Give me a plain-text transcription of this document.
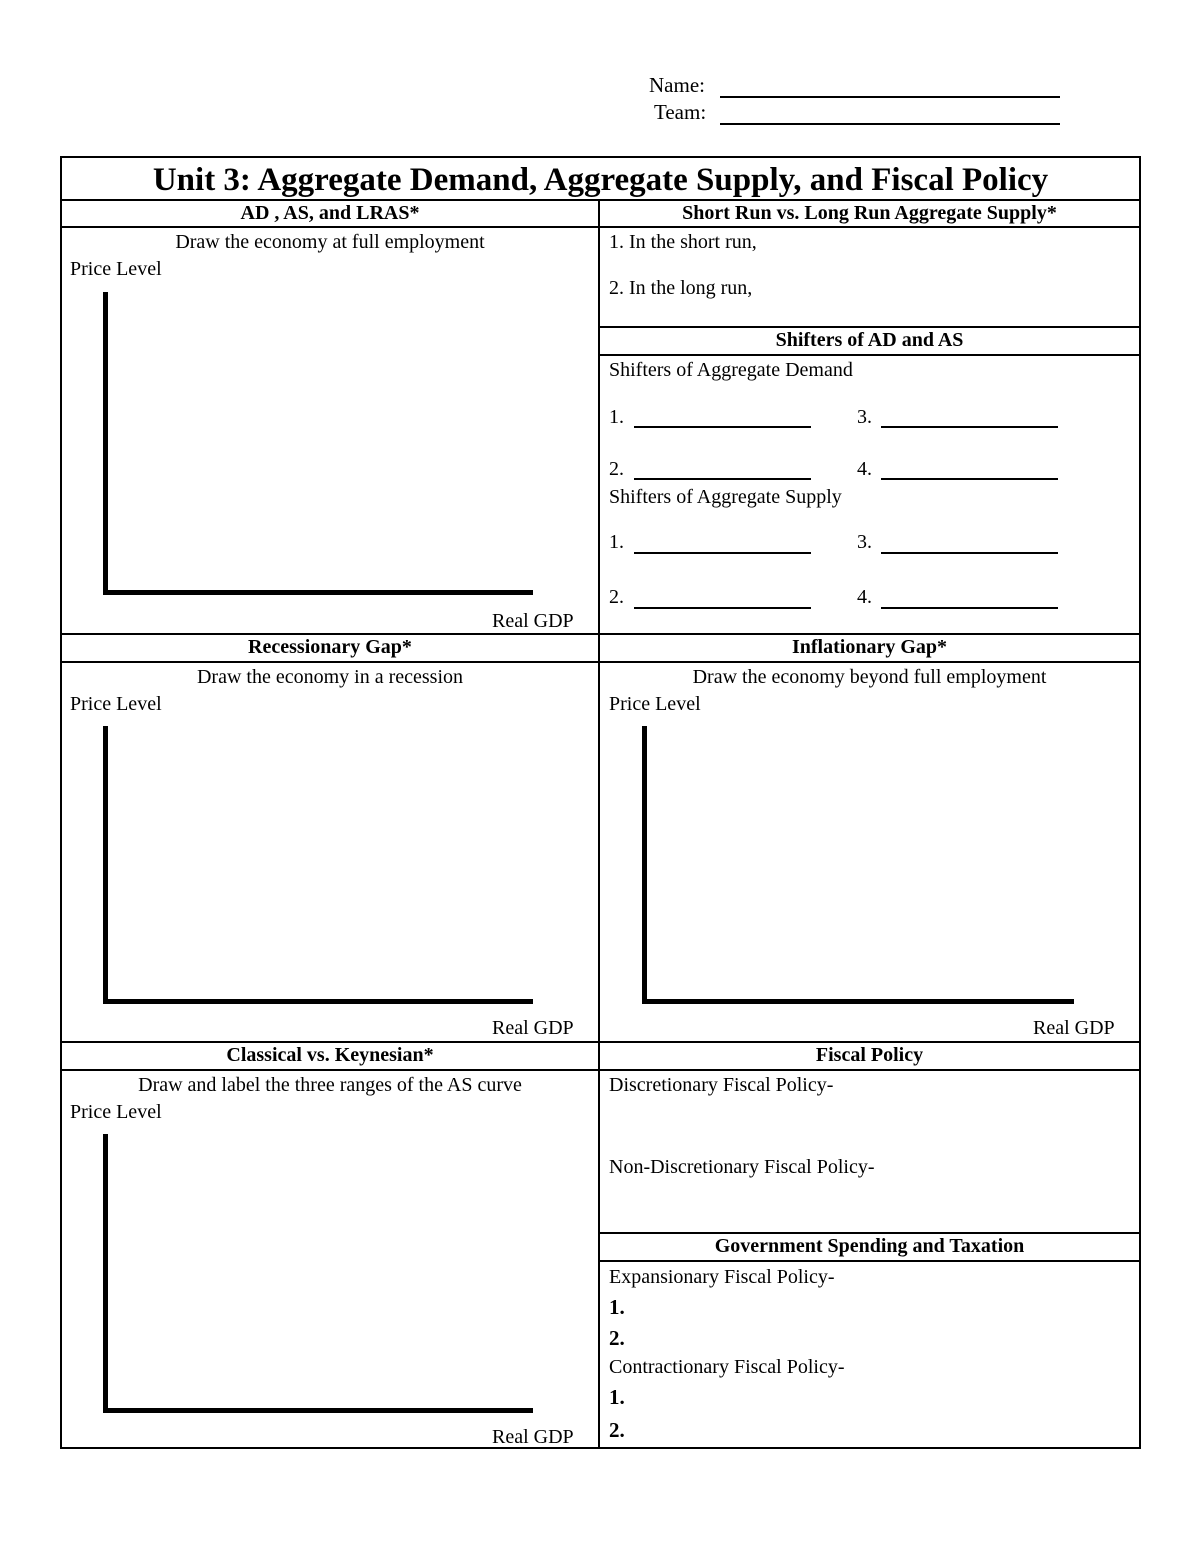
Name:
Team:
Unit 3: Aggregate Demand, Aggregate Supply, and Fiscal Policy
AD , AS, and LRAS*	Short Run vs. Long Run Aggregate Supply*
Shifters of AD and AS
Recessionary Gap*	Inflationary Gap*
Classical vs. Keynesian*	Fiscal Policy
Government Spending and Taxation
Draw the economy at full employment
Price Level
Real GDP
1. In the short run,
2. In the long run,
Shifters of Aggregate Demand
1.	3.
2.	4.
Shifters of Aggregate Supply
1.	3.
2.	4.
Draw the economy in a recession
Price Level
Real GDP
Draw the economy beyond full employment
Price Level
Real GDP
Draw and label the three ranges of the AS curve
Price Level
Real GDP
Discretionary Fiscal Policy-
Non-Discretionary Fiscal Policy-
Expansionary Fiscal Policy-
1.
2.
Contractionary Fiscal Policy-
1.
2.
